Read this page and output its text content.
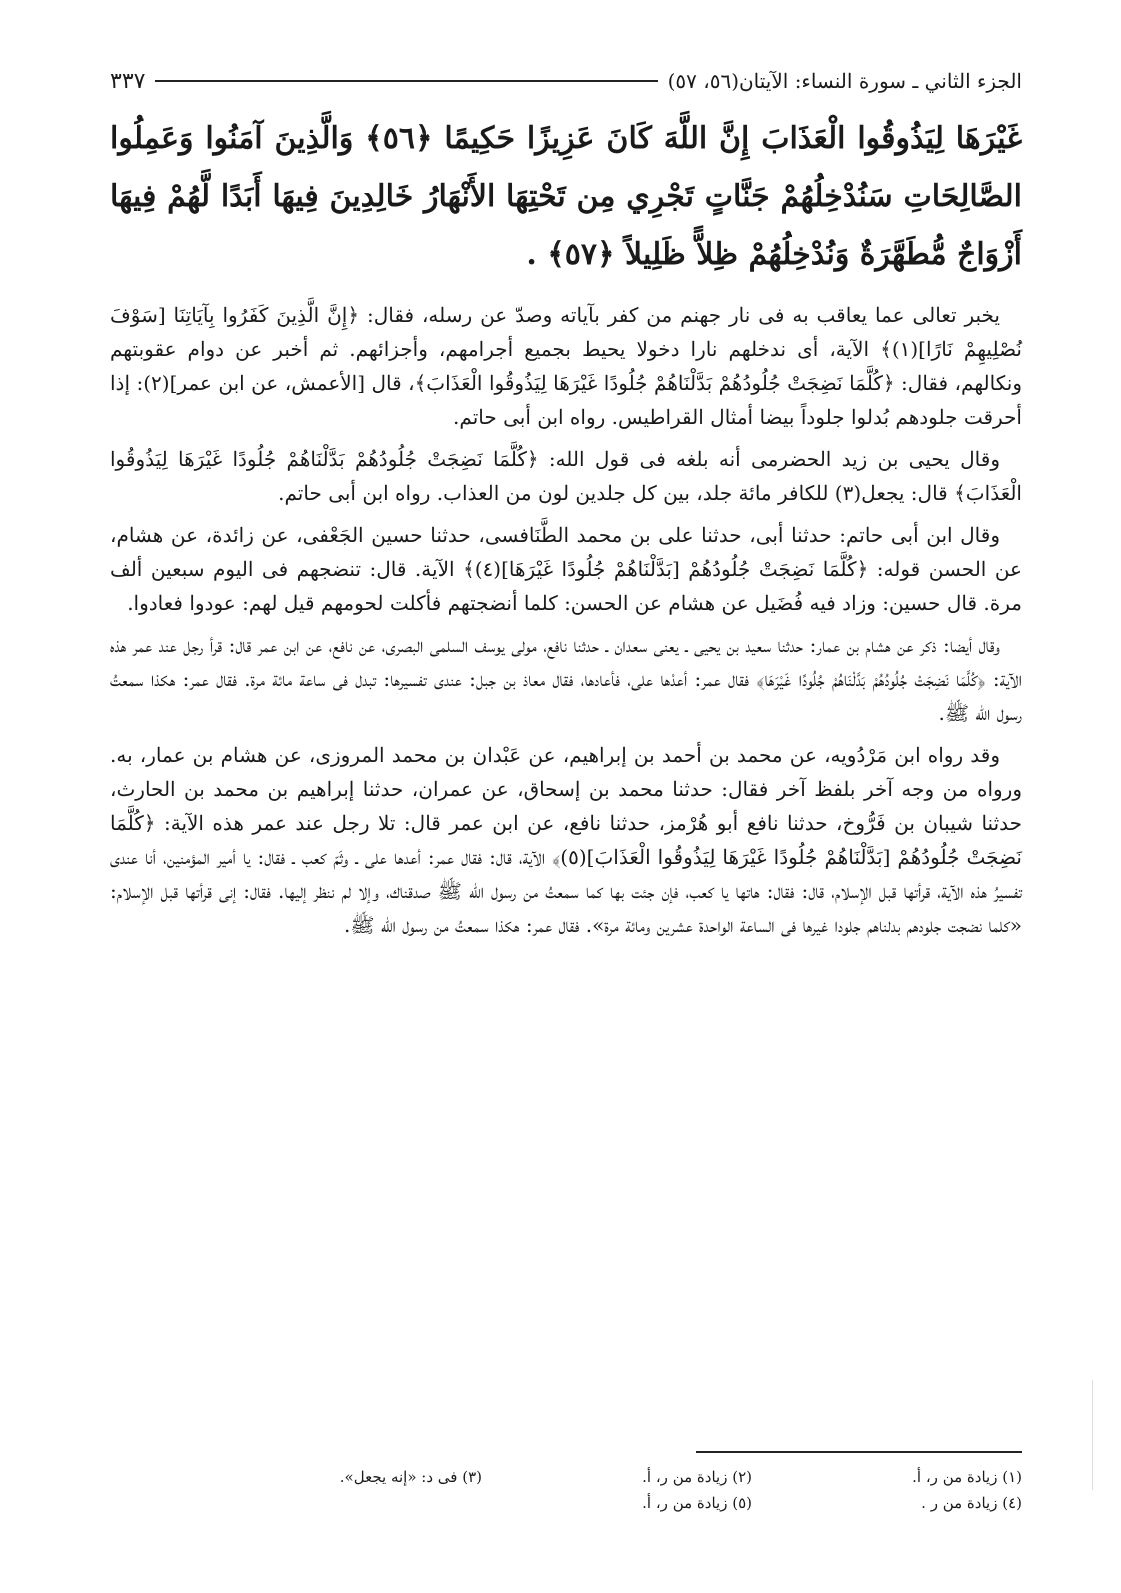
الجزء الثاني ـ سورة النساء: الآيتان(٥٦، ٥٧)
٣٣٧
غَيْرَهَا لِيَذُوقُوا الْعَذَابَ إِنَّ اللَّهَ كَانَ عَزِيزًا حَكِيمًا ﴿٥٦﴾ وَالَّذِينَ آمَنُوا وَعَمِلُوا الصَّالِحَاتِ سَنُدْخِلُهُمْ جَنَّاتٍ تَجْرِي مِن تَحْتِهَا الأَنْهَارُ خَالِدِينَ فِيهَا أَبَدًا لَّهُمْ فِيهَا أَزْوَاجٌ مُّطَهَّرَةٌ وَنُدْخِلُهُمْ ظِلاًّ ظَلِيلاً ﴿٥٧﴾ .

يخبر تعالى عما يعاقب به فى نار جهنم من كفر بآياته وصدّ عن رسله، فقال: ﴿إِنَّ الَّذِينَ كَفَرُوا بِآيَاتِنَا [سَوْفَ نُصْلِيهِمْ نَارًا](١)﴾ الآية، أى ندخلهم نارا دخولا يحيط بجميع أجرامهم، وأجزائهم. ثم أخبر عن دوام عقوبتهم ونكالهم، فقال: ﴿كُلَّمَا نَضِجَتْ جُلُودُهُمْ بَدَّلْنَاهُمْ جُلُودًا غَيْرَهَا لِيَذُوقُوا الْعَذَابَ﴾، قال [الأعمش، عن ابن عمر](٢): إذا أحرقت جلودهم بُدلوا جلوداً بيضا أمثال القراطيس. رواه ابن أبى حاتم.

وقال يحيى بن زيد الحضرمى أنه بلغه فى قول الله: ﴿كُلَّمَا نَضِجَتْ جُلُودُهُمْ بَدَّلْنَاهُمْ جُلُودًا غَيْرَهَا لِيَذُوقُوا الْعَذَابَ﴾ قال: يجعل(٣) للكافر مائة جلد، بين كل جلدين لون من العذاب. رواه ابن أبى حاتم.

وقال ابن أبى حاتم: حدثنا أبى، حدثنا على بن محمد الطَّنَافسى، حدثنا حسين الجَعْفى، عن زائدة، عن هشام، عن الحسن قوله: ﴿كُلَّمَا نَضِجَتْ جُلُودُهُمْ [بَدَّلْنَاهُمْ جُلُودًا غَيْرَهَا](٤)﴾ الآية. قال: تنضجهم فى اليوم سبعين ألف مرة. قال حسين: وزاد فيه فُضَيل عن هشام عن الحسن: كلما أنضجتهم فأكلت لحومهم قيل لهم: عودوا فعادوا.

وقال أيضا: ذكر عن هشام بن عمار: حدثنا سعيد بن يحيى ـ يعنى سعدان ـ حدثنا نافع، مولى يوسف السلمى البصرى، عن نافع، عن ابن عمر قال: قرأ رجل عند عمر هذه الآية: ﴿كُلَّمَا نَضِجَتْ جُلُودُهُمْ بَدَّلْنَاهُمْ جُلُودًا غَيْرَهَا﴾ فقال عمر: أعدْها على، فأعادها، فقال معاذ بن جبل: عندى تفسيرها: تبدل فى ساعة مائة مرة. فقال عمر: هكذا سمعتُ رسول الله ﷺ.

وقد رواه ابن مَرْدُويه، عن محمد بن أحمد بن إبراهيم، عن عَبْدان بن محمد المروزى، عن هشام بن عمار، به. ورواه من وجه آخر بلفظ آخر فقال: حدثنا محمد بن إسحاق، عن عمران، حدثنا إبراهيم بن محمد بن الحارث، حدثنا شيبان بن فَرُّوخ، حدثنا نافع أبو هُرْمز، حدثنا نافع، عن ابن عمر قال: تلا رجل عند عمر هذه الآية: ﴿كُلَّمَا نَضِجَتْ جُلُودُهُمْ [بَدَّلْنَاهُمْ جُلُودًا غَيْرَهَا لِيَذُوقُوا الْعَذَابَ](٥)﴾ الآية، قال: فقال عمر: أعدها على ـ وثَمّ كعب ـ فقال: يا أمير المؤمنين، أنا عندى تفسيرُ هذه الآية، قرأتها قبل الإسلام، قال: فقال: هاتها يا كعب، فإن جئت بها كما سمعتُ من رسول الله ﷺ صدقناك، وإلا لم ننظر إليها. فقال: إنى قرأتها قبل الإسلام: «كلما نضجت جلودهم بدلناهم جلودا غيرها فى الساعة الواحدة عشرين ومائة مرة». فقال عمر: هكذا سمعتُ من رسول الله ﷺ.

(١) زيادة من ر، أ.
(٢) زيادة من ر، أ.
(٣) فى د: «إنه يجعل».
(٤) زيادة من ر .
(٥) زيادة من ر، أ.
